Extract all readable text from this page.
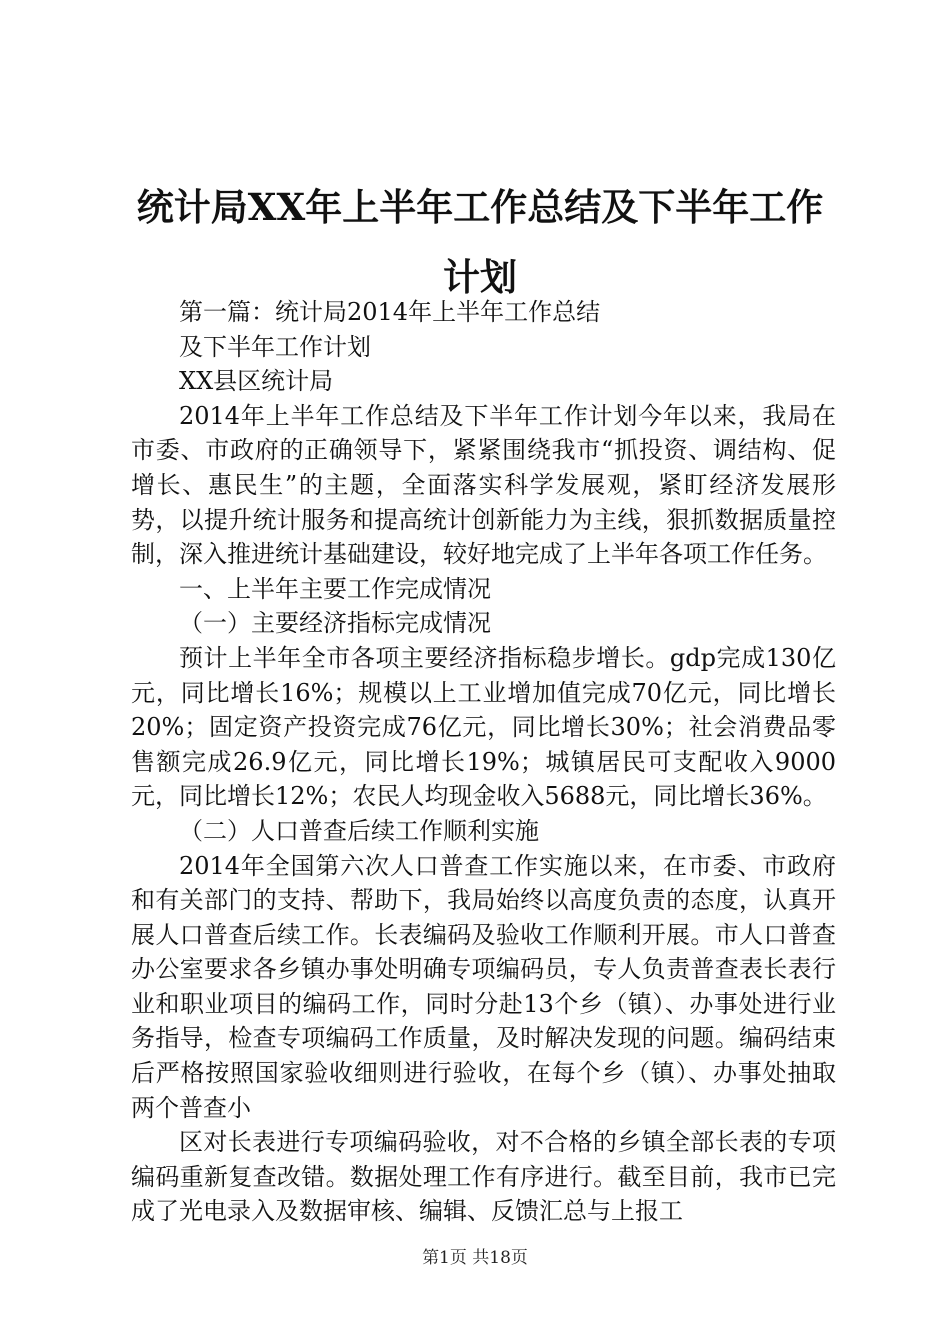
统计局XX年上半年工作总结及下半年工作计划

第一篇：统计局2014年上半年工作总结

及下半年工作计划

XX县区统计局

2014年上半年工作总结及下半年工作计划今年以来，我局在市委、市政府的正确领导下，紧紧围绕我市“抓投资、调结构、促增长、惠民生”的主题，全面落实科学发展观，紧盯经济发展形势，以提升统计服务和提高统计创新能力为主线，狠抓数据质量控制，深入推进统计基础建设，较好地完成了上半年各项工作任务。

一、上半年主要工作完成情况

（一）主要经济指标完成情况

预计上半年全市各项主要经济指标稳步增长。gdp完成130亿元，同比增长16%；规模以上工业增加值完成70亿元，同比增长20%；固定资产投资完成76亿元，同比增长30%；社会消费品零售额完成26.9亿元，同比增长19%；城镇居民可支配收入9000元，同比增长12%；农民人均现金收入5688元，同比增长36%。

（二）人口普查后续工作顺利实施

2014年全国第六次人口普查工作实施以来，在市委、市政府和有关部门的支持、帮助下，我局始终以高度负责的态度，认真开展人口普查后续工作。长表编码及验收工作顺利开展。市人口普查办公室要求各乡镇办事处明确专项编码员，专人负责普查表长表行业和职业项目的编码工作，同时分赴13个乡（镇）、办事处进行业务指导，检查专项编码工作质量，及时解决发现的问题。编码结束后严格按照国家验收细则进行验收，在每个乡（镇）、办事处抽取两个普查小

区对长表进行专项编码验收，对不合格的乡镇全部长表的专项编码重新复查改错。数据处理工作有序进行。截至目前，我市已完成了光电录入及数据审核、编辑、反馈汇总与上报工

第1页 共18页
